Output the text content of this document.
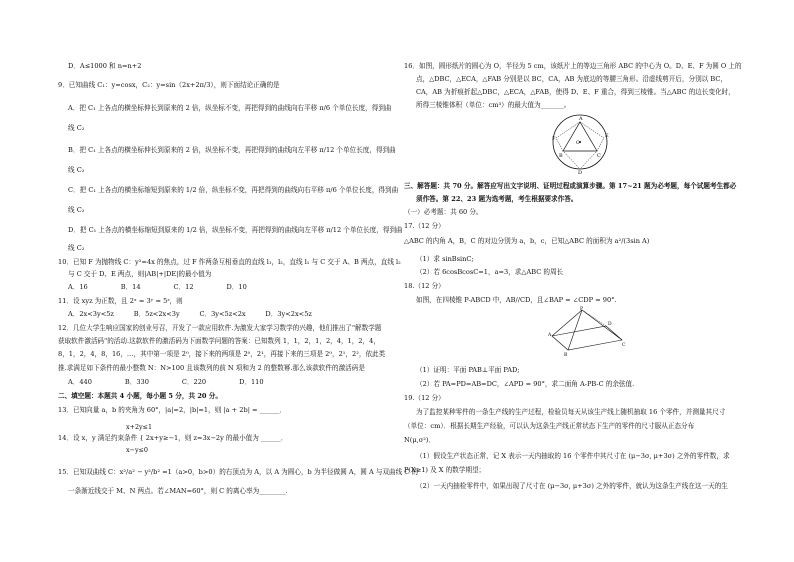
D．A≤1000 和 n=n+2
9．已知曲线 C₁：y=cosx，C₂：y=sin（2x+2π/3），则下面结论正确的是
A．把 C₁ 上各点的横坐标伸长到原来的 2 倍，纵坐标不变，再把得到的曲线向右平移 π/6 个单位长度，得到曲
线 C₂
B．把 C₁ 上各点的横坐标伸长到原来的 2 倍，纵坐标不变，再把得到的曲线向左平移 π/12 个单位长度，得到曲
线 C₂
C．把 C₁ 上各点的横坐标缩短到原来的 1/2 倍，纵坐标不变，再把得到的曲线向右平移 π/6 个单位长度，得到曲
线 C₂
D．把 C₁ 上各点的横坐标缩短到原来的 1/2 倍，纵坐标不变，再把得到的曲线向左平移 π/12 个单位长度，得到曲
线 C₂
10．已知 F 为抛物线 C：y²=4x 的焦点，过 F 作两条互相垂直的直线 l₁，l₂，直线 l₁ 与 C 交于 A、B 两点，直线 l₂
与 C 交于 D、E 两点，则|AB|+|DE|的最小值为
A．16　　　　　B．14　　　　　C．12　　　　　D．10
11．设 xyz 为正数，且 2ˣ = 3ʸ = 5ᶻ，则
A．2x<3y<5z　　　B．5z<2x<3y　　　C．3y<5z<2x　　　D．3y<2x<5z
12．几位大学生响应国家的创业号召，开发了一款应用软件.为激发大家学习数学的兴趣，他们推出了"解数学题
获取软件激活码"的活动.这款软件的激活码为下面数学问题的答案：已知数列 1，1，2，1，2，4，1，2，4，
8，1，2，4，8，16，…，其中第一项是 2⁰，接下来的两项是 2⁰，2¹，再接下来的三项是 2⁰，2¹，2²，依此类
推.求满足如下条件的最小整数 N：N>100 且该数列的前 N 项和为 2 的整数幂.那么该款软件的激活码是
A．440　　　　　B．330　　　　　C．220　　　　　D．110
二、填空题：本题共 4 小题，每小题 5 分，共 20 分。
13．已知向量 a，b 的夹角为 60°，|a|=2，|b|=1，则 |a + 2b| = ______．
x+2y≤1
14．设 x，y 满足约束条件 { 2x+y≥−1，则 z=3x−2y 的最小值为 ______．
x−y≤0
15．已知双曲线 C：x²/a² − y²/b² =1（a>0，b>0）的右顶点为 A，以 A 为圆心，b 为半径做圆 A，圆 A 与双曲线 C 的
一条渐近线交于 M、N 两点。若∠MAN=60°，则 C 的离心率为________.
16．如图，圆形纸片的圆心为 O，半径为 5 cm，该纸片上的等边三角形 ABC 的中心为 O。D、E、F 为圆 O 上的
点，△DBC，△ECA，△FAB 分别是以 BC，CA，AB 为底边的等腰三角形。沿虚线剪开后，分别以 BC，
CA，AB 为折痕折起△DBC，△ECA，△FAB，使得 D、E、F 重合，得到三棱锥。当△ABC 的边长变化时，
所得三棱锥体积（单位：cm³）的最大值为_______。
F	E
A
O
C
B
D
三、解答题：共 70 分。解答应写出文字说明、证明过程或演算步骤。第 17~21 题为必考题，每个试题考生都必
须作答。第 22、23 题为选考题，考生根据要求作答。
（一）必考题：共 60 分。
17.（12 分）
△ABC 的内角 A，B，C 的对边分别为 a，b，c，已知△ABC 的面积为 a²/(3sin A)
（1）求 sinBsinC;
（2）若 6cosBcosC=1，a=3，求△ABC 的周长
18.（12 分）
如图，在四棱锥 P-ABCD 中，AB//CD，且∠BAP = ∠CDP = 90°.
P
A
D
B
C
（1）证明：平面 PAB⊥平面 PAD;
（2）若 PA=PD=AB=DC，∠APD = 90°，求二面角 A-PB-C 的余弦值.
19.（12 分）
为了监控某种零件的一条生产线的生产过程，检验员每天从该生产线上随机抽取 16 个零件，并测量其尺寸
（单位：cm）．根据长期生产经验，可以认为这条生产线正常状态下生产的零件的尺寸服从正态分布
N(μ,σ²)．
（1）假设生产状态正常，记 X 表示一天内抽取的 16 个零件中其尺寸在 (μ−3σ, μ+3σ) 之外的零件数，求
P(X≥1) 及 X 的数学期望；
（2）一天内抽检零件中，如果出现了尺寸在 (μ−3σ, μ+3σ) 之外的零件，就认为这条生产线在这一天的生
